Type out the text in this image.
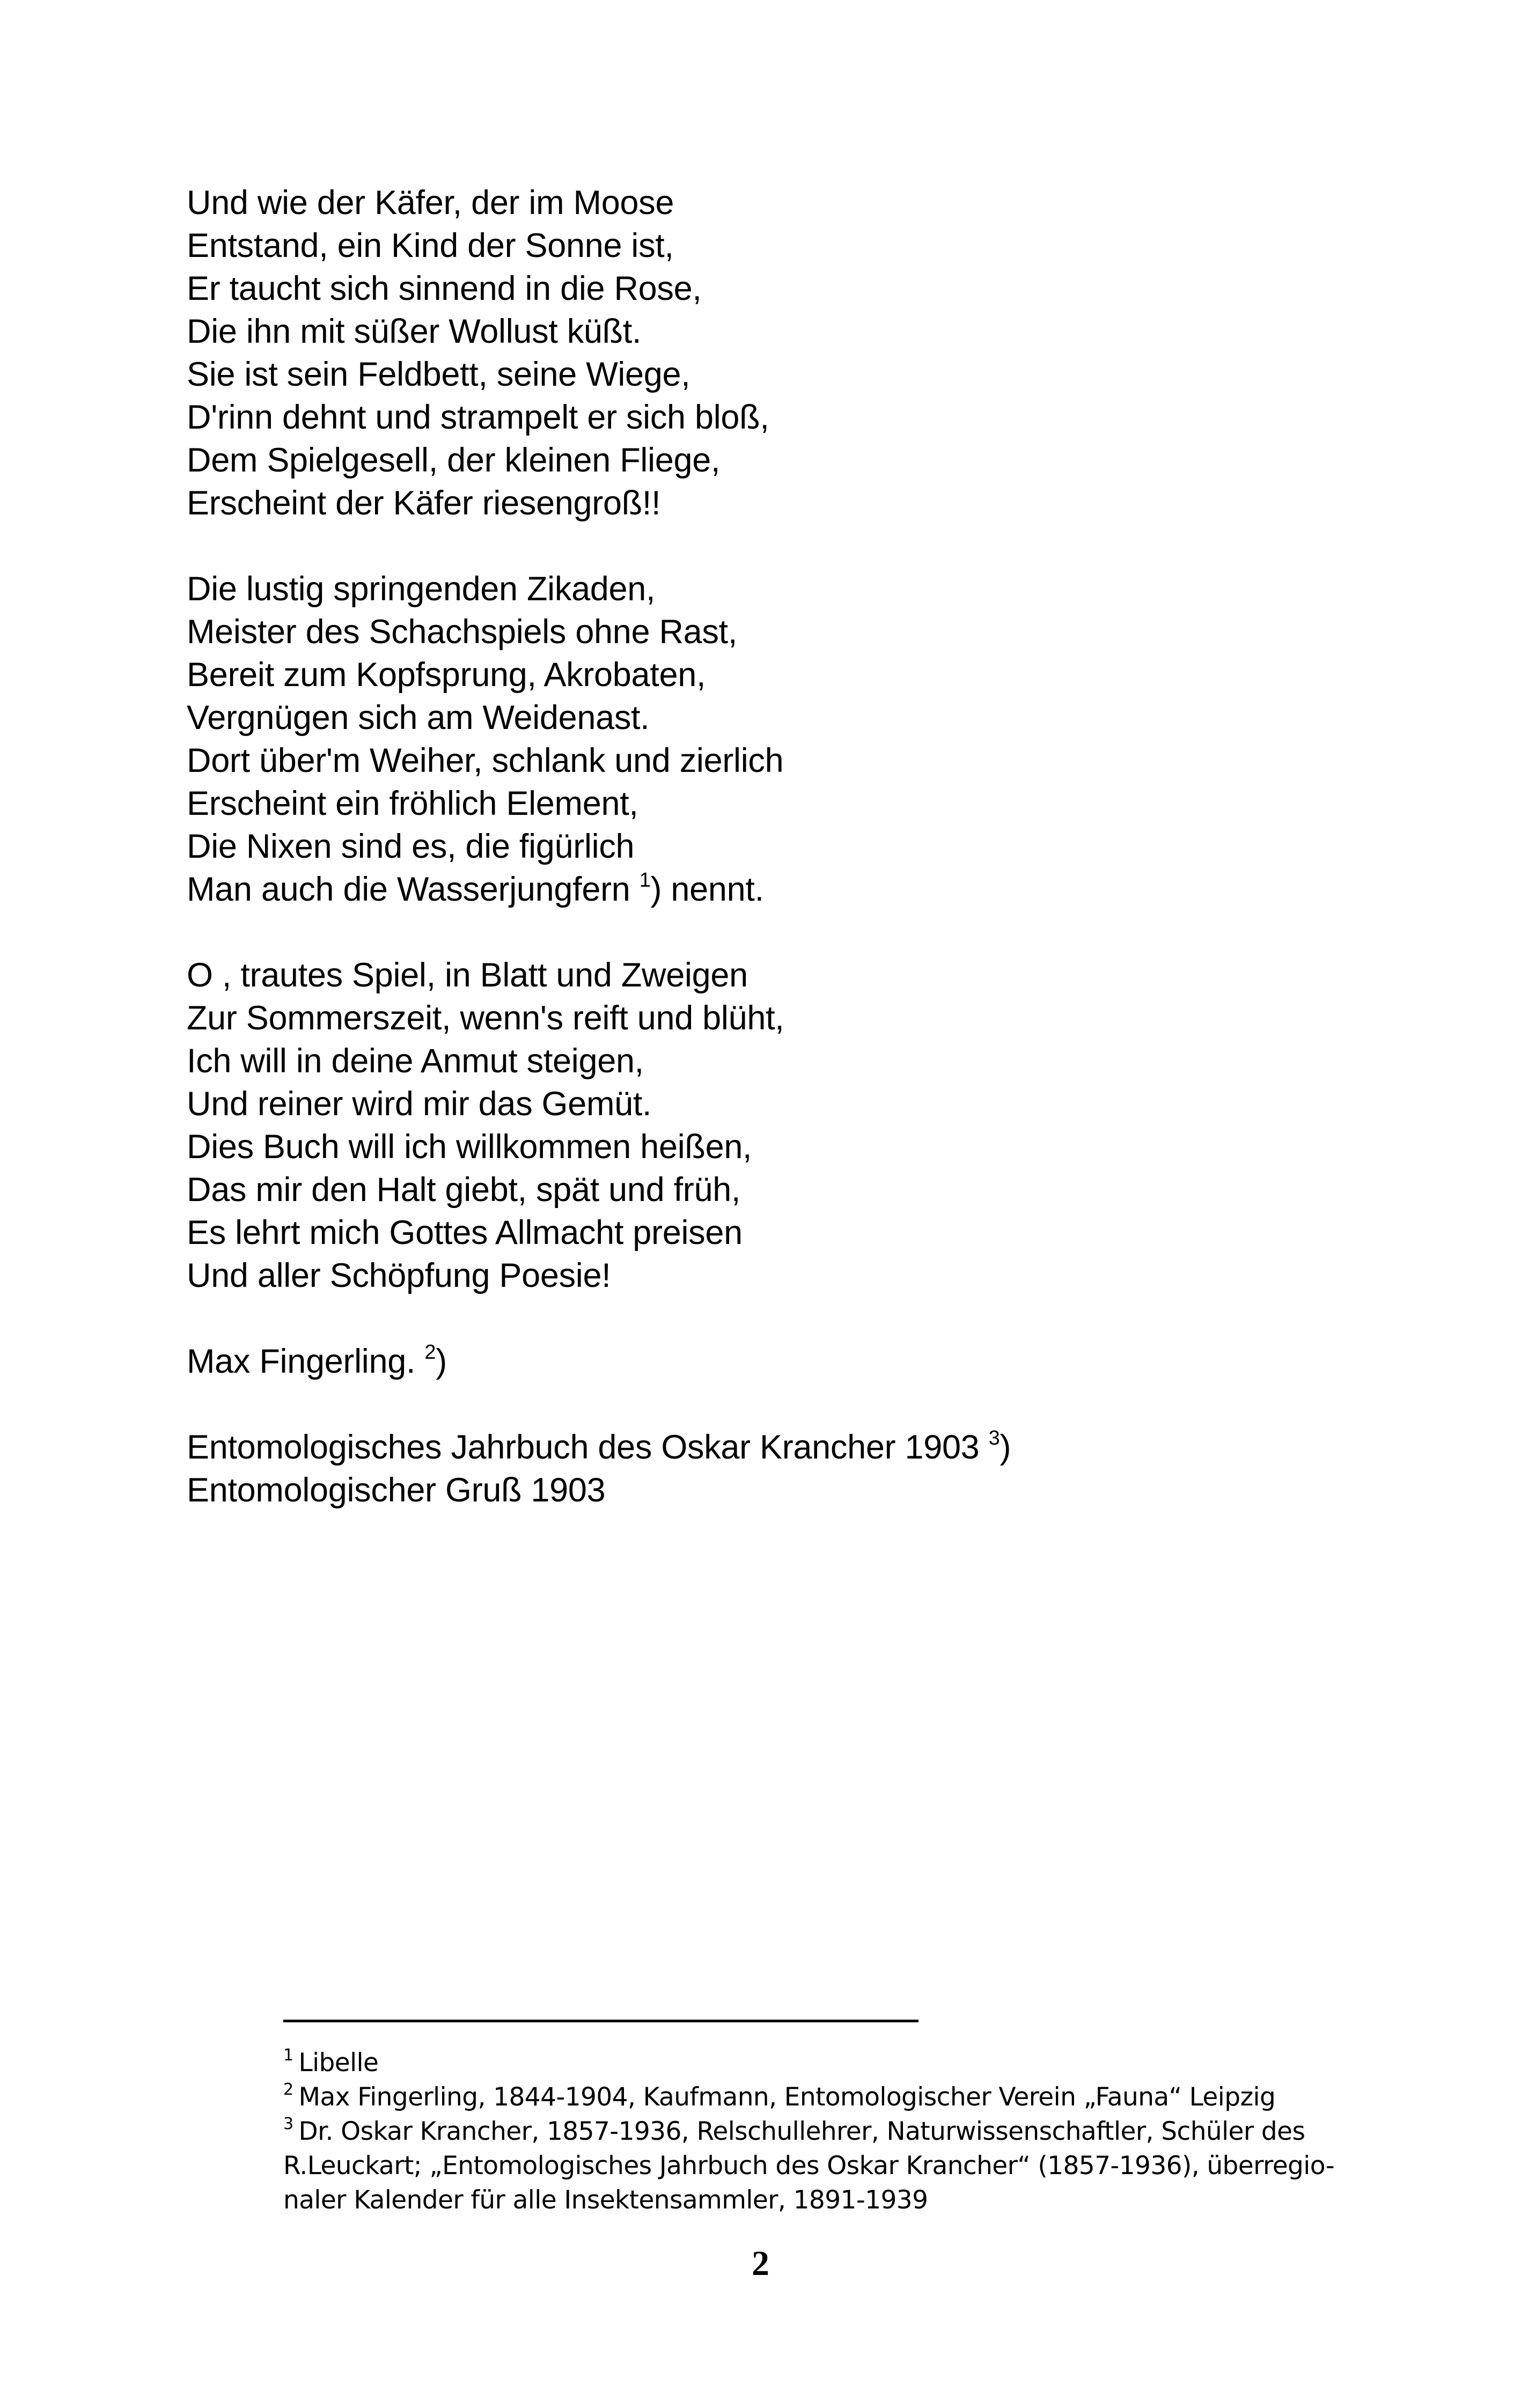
Und wie der Käfer, der im Moose
Entstand, ein Kind der Sonne ist,
Er taucht sich sinnend in die Rose,
Die ihn mit süßer Wollust küßt.
Sie ist sein Feldbett, seine Wiege,
D'rinn dehnt und strampelt er sich bloß,
Dem Spielgesell, der kleinen Fliege,
Erscheint der Käfer riesengroß!!
Die lustig springenden Zikaden,
Meister des Schachspiels ohne Rast,
Bereit zum Kopfsprung, Akrobaten,
Vergnügen sich am Weidenast.
Dort über'm Weiher, schlank und zierlich
Erscheint ein fröhlich Element,
Die Nixen sind es, die figürlich
Man auch die Wasserjungfern $^1$) nennt.
O , trautes Spiel, in Blatt und Zweigen
Zur Sommerszeit, wenn's reift und blüht,
Ich will in deine Anmut steigen,
Und reiner wird mir das Gemüt.
Dies Buch will ich willkommen heißen,
Das mir den Halt giebt, spät und früh,
Es lehrt mich Gottes Allmacht preisen
Und aller Schöpfung Poesie!
Max Fingerling. $^2$)
Entomologisches Jahrbuch des Oskar Krancher 1903 $^3$)
Entomologischer Gruß 1903
$^1$ Libelle
$^2$ Max Fingerling, 1844-1904, Kaufmann, Entomologischer Verein „Fauna“ Leipzig
$^3$ Dr. Oskar Krancher, 1857-1936, Relschullehrer, Naturwissenschaftler, Schüler des
R.Leuckart; „Entomologisches Jahrbuch des Oskar Krancher“ (1857-1936), überregio-
naler Kalender für alle Insektensammler, 1891-1939
2
